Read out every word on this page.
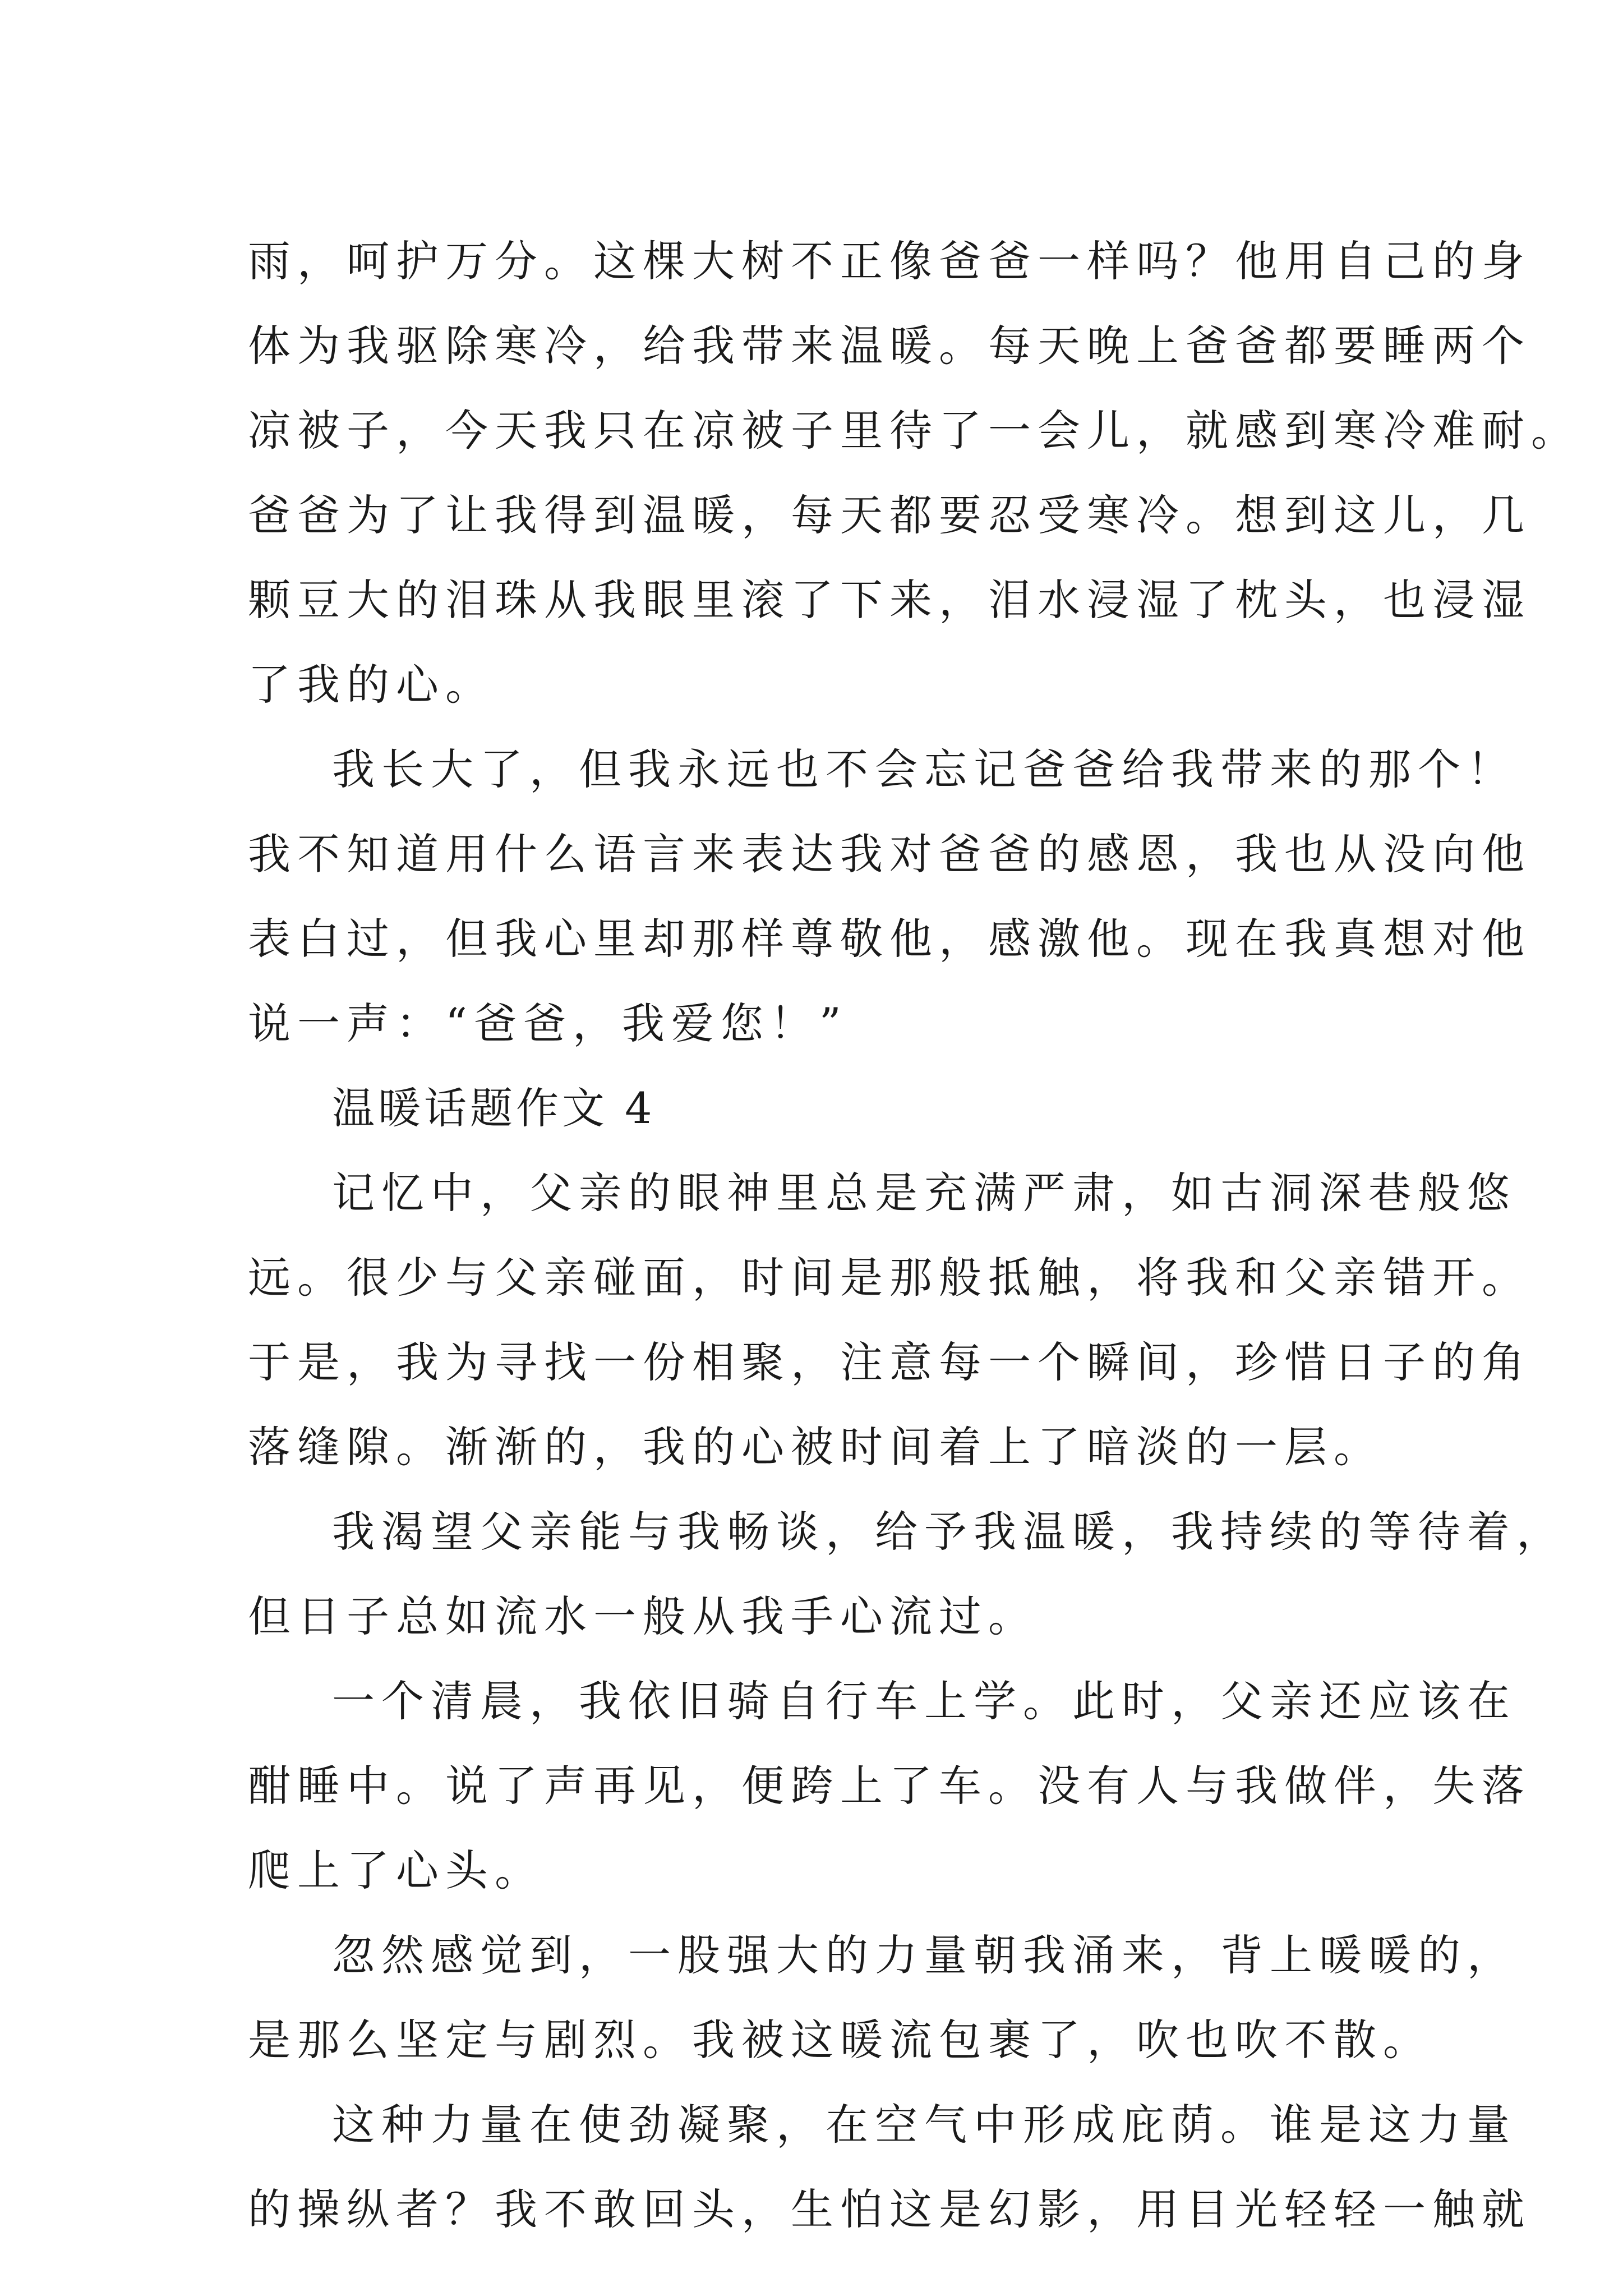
雨，呵护万分。这棵大树不正像爸爸一样吗？他用自己的身
体为我驱除寒冷，给我带来温暖。每天晚上爸爸都要睡两个
凉被子，今天我只在凉被子里待了一会儿，就感到寒冷难耐。
爸爸为了让我得到温暖，每天都要忍受寒冷。想到这儿，几
颗豆大的泪珠从我眼里滚了下来，泪水浸湿了枕头，也浸湿
了我的心。
我长大了，但我永远也不会忘记爸爸给我带来的那个！
我不知道用什么语言来表达我对爸爸的感恩，我也从没向他
表白过，但我心里却那样尊敬他，感激他。现在我真想对他
说一声：“爸爸，我爱您！”
温暖话题作文 4
记忆中，父亲的眼神里总是充满严肃，如古洞深巷般悠
远。很少与父亲碰面，时间是那般抵触，将我和父亲错开。
于是，我为寻找一份相聚，注意每一个瞬间，珍惜日子的角
落缝隙。渐渐的，我的心被时间着上了暗淡的一层。
我渴望父亲能与我畅谈，给予我温暖，我持续的等待着，
但日子总如流水一般从我手心流过。
一个清晨，我依旧骑自行车上学。此时，父亲还应该在
酣睡中。说了声再见，便跨上了车。没有人与我做伴，失落
爬上了心头。
忽然感觉到，一股强大的力量朝我涌来，背上暖暖的，
是那么坚定与剧烈。我被这暖流包裹了，吹也吹不散。
这种力量在使劲凝聚，在空气中形成庇荫。谁是这力量
的操纵者？我不敢回头，生怕这是幻影，用目光轻轻一触就
